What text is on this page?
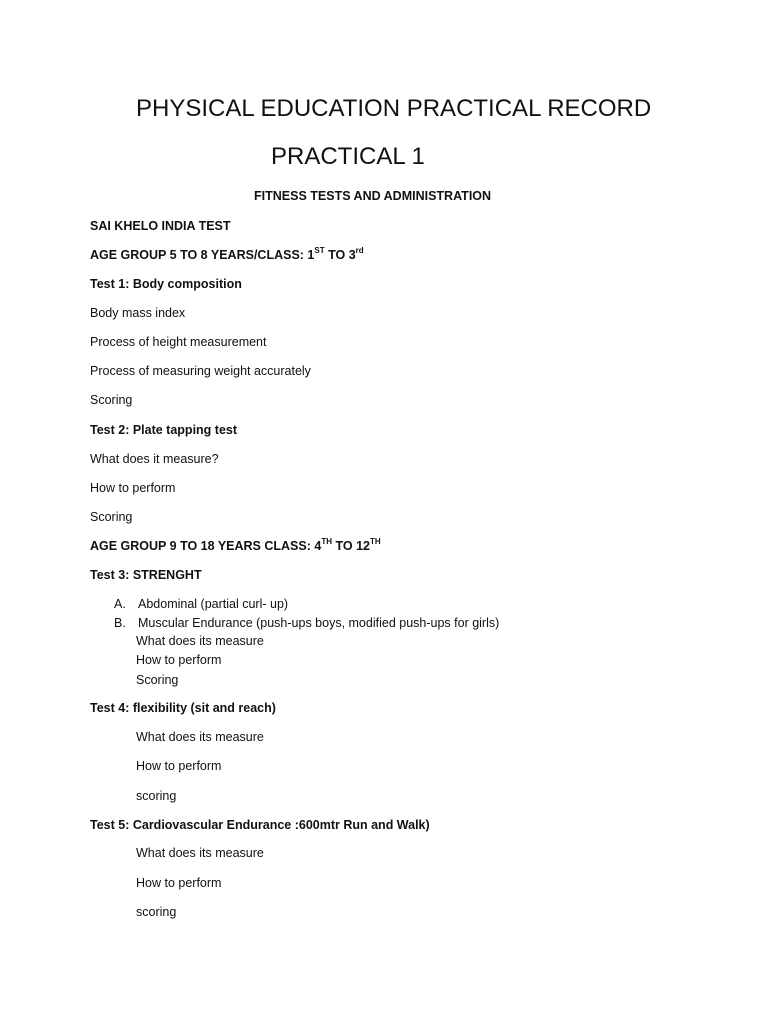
PHYSICAL EDUCATION PRACTICAL RECORD

PRACTICAL 1

FITNESS TESTS AND ADMINISTRATION

SAI KHELO INDIA TEST

AGE GROUP 5 TO 8 YEARS/CLASS: 1ST TO 3rd

Test 1: Body composition

Body mass index

Process of height measurement

Process of measuring weight accurately

Scoring

Test 2: Plate tapping test

What does it measure?

How to perform

Scoring

AGE GROUP 9 TO 18 YEARS CLASS: 4TH TO 12TH

Test 3: STRENGHT

A. Abdominal (partial curl- up)

B. Muscular Endurance (push-ups boys, modified push-ups for girls)

What does its measure

How to perform

Scoring

Test 4: flexibility (sit and reach)

What does its measure

How to perform

scoring

Test 5: Cardiovascular Endurance :600mtr Run and Walk)

What does its measure

How to perform

scoring
